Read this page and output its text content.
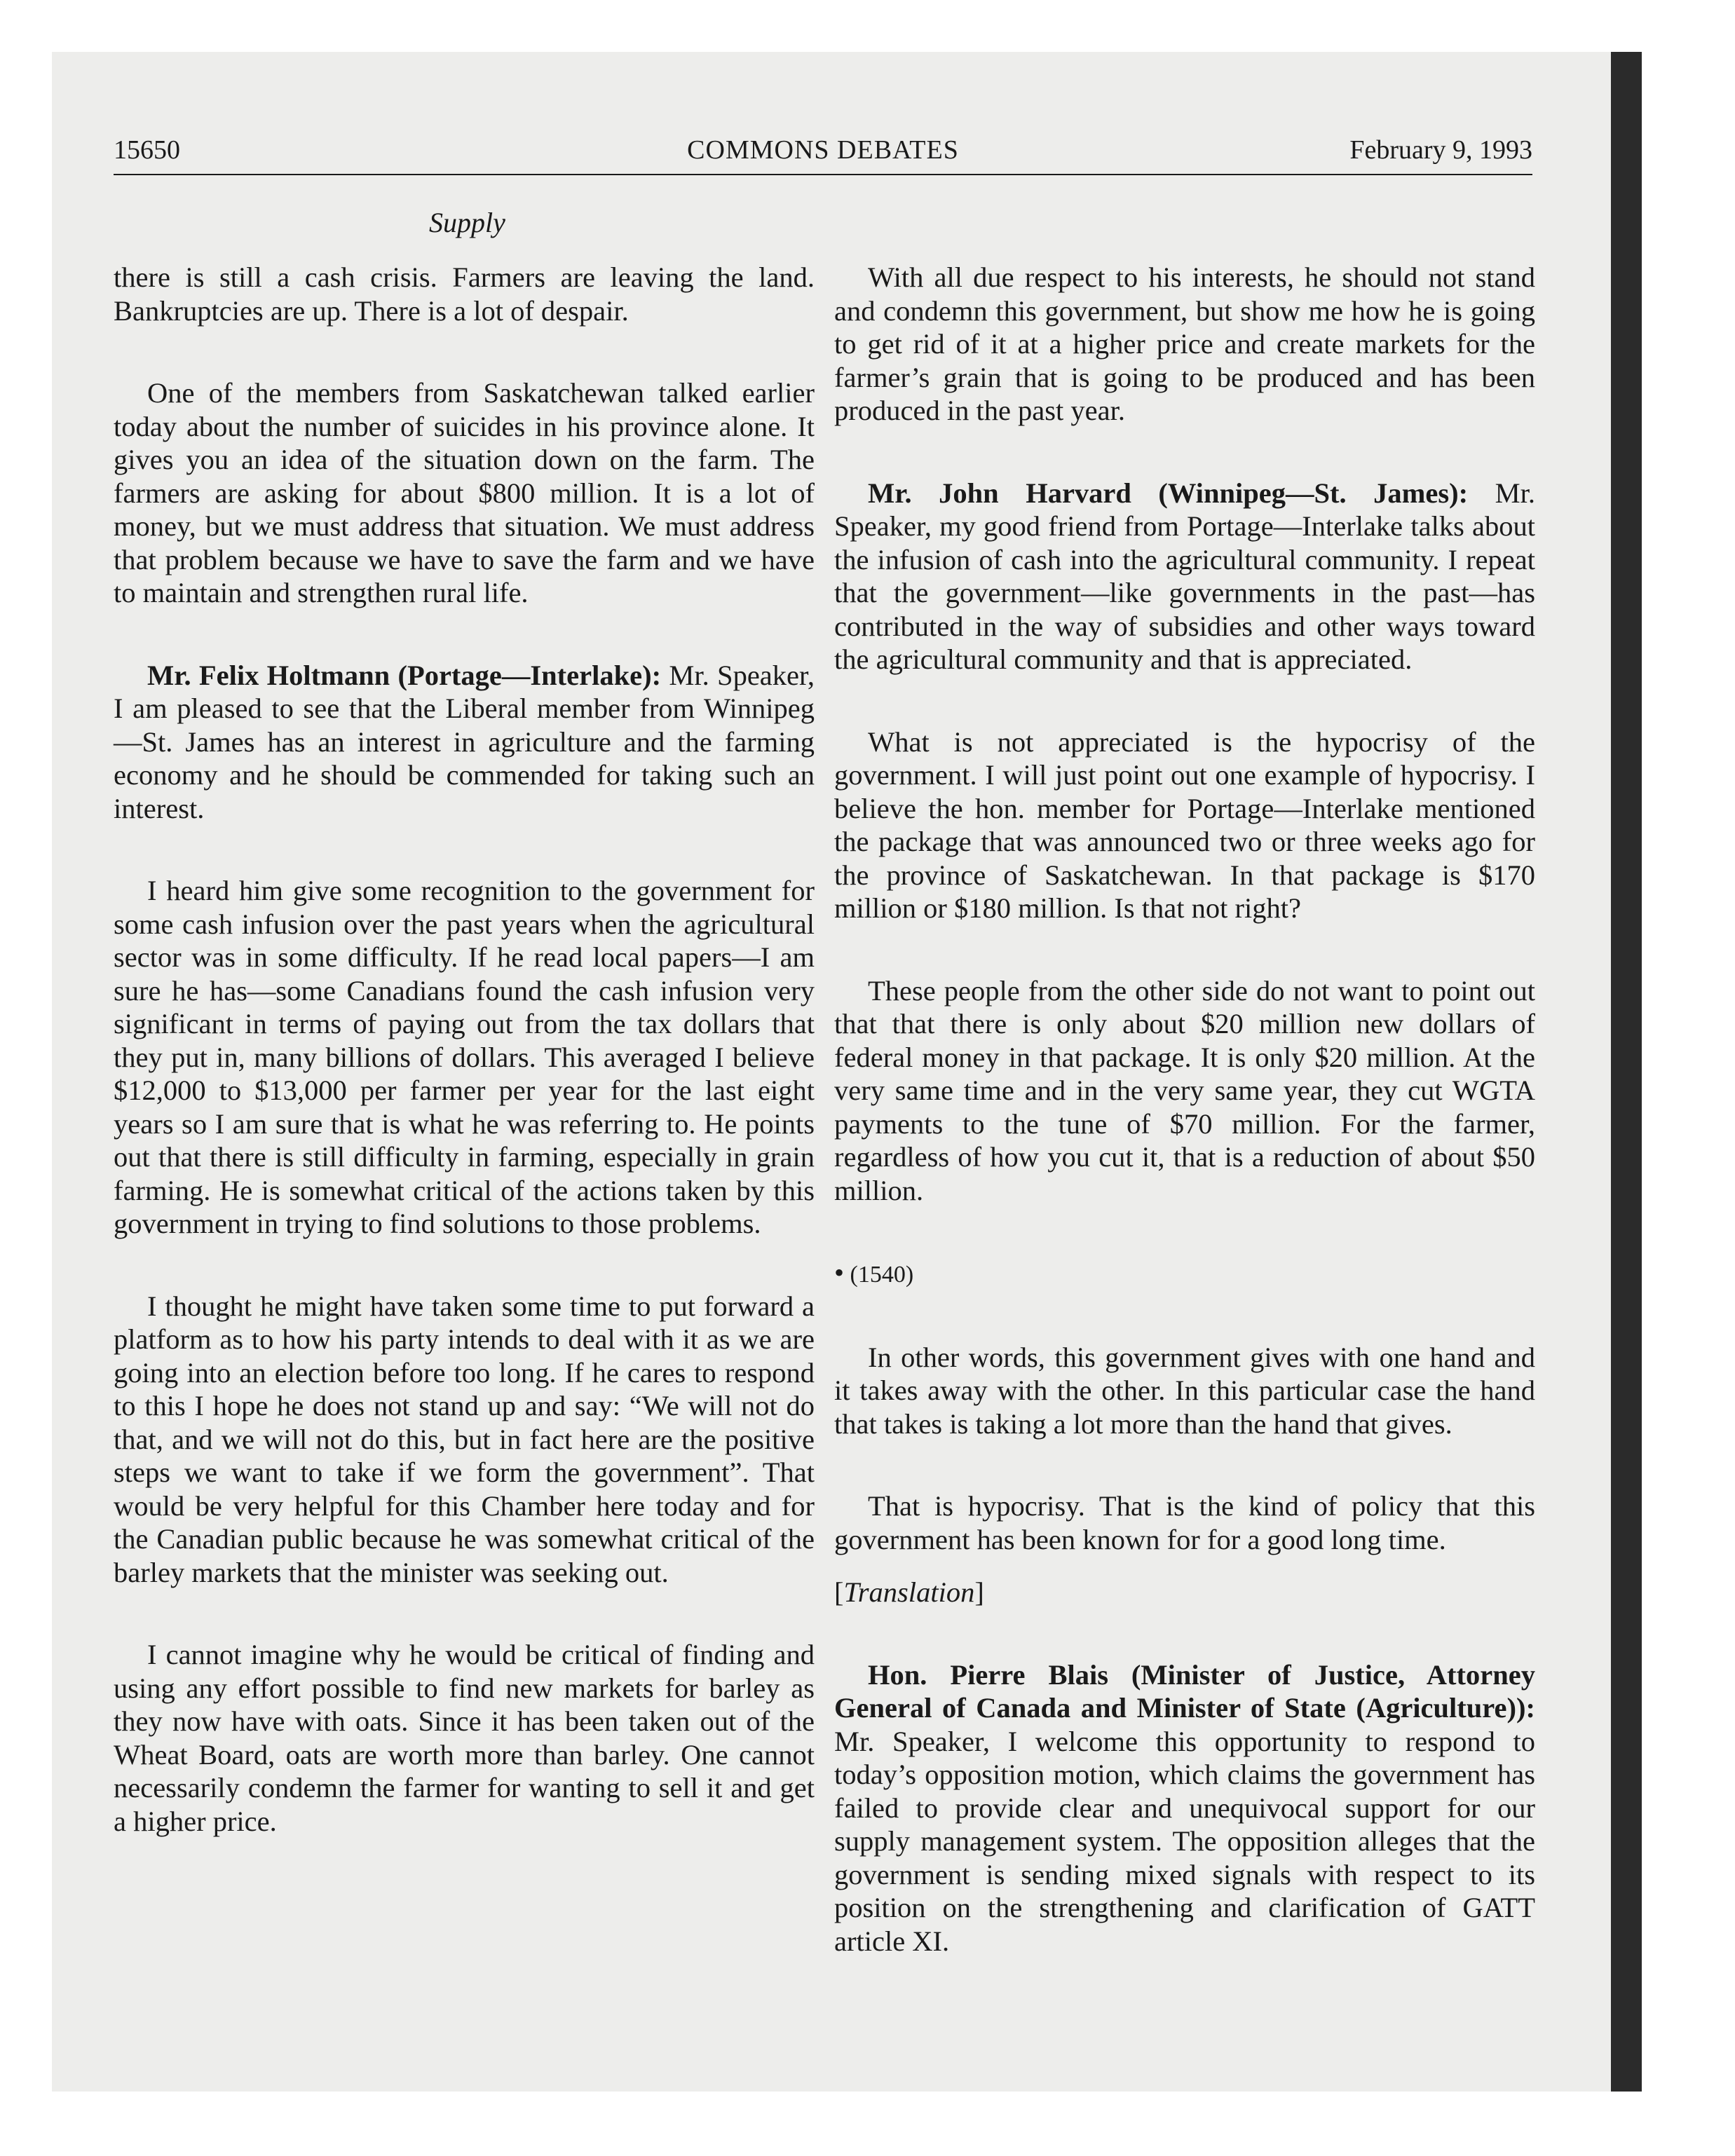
15650	COMMONS DEBATES	February 9, 1993
Supply

there is still a cash crisis. Farmers are leaving the land. Bankruptcies are up. There is a lot of despair.

One of the members from Saskatchewan talked earlier today about the number of suicides in his province alone. It gives you an idea of the situation down on the farm. The farmers are asking for about $800 million. It is a lot of money, but we must address that situation. We must address that problem because we have to save the farm and we have to maintain and strengthen rural life.

Mr. Felix Holtmann (Portage—Interlake): Mr. Speaker, I am pleased to see that the Liberal member from Winnipeg—St. James has an interest in agriculture and the farming economy and he should be commended for taking such an interest.

I heard him give some recognition to the government for some cash infusion over the past years when the agricultural sector was in some difficulty. If he read local papers—I am sure he has—some Canadians found the cash infusion very significant in terms of paying out from the tax dollars that they put in, many billions of dollars. This averaged I believe $12,000 to $13,000 per farmer per year for the last eight years so I am sure that is what he was referring to. He points out that there is still difficulty in farming, especially in grain farming. He is somewhat critical of the actions taken by this government in trying to find solutions to those problems.

I thought he might have taken some time to put forward a platform as to how his party intends to deal with it as we are going into an election before too long. If he cares to respond to this I hope he does not stand up and say: “We will not do that, and we will not do this, but in fact here are the positive steps we want to take if we form the government”. That would be very helpful for this Chamber here today and for the Canadian public because he was somewhat critical of the barley markets that the minister was seeking out.

I cannot imagine why he would be critical of finding and using any effort possible to find new markets for barley as they now have with oats. Since it has been taken out of the Wheat Board, oats are worth more than barley. One cannot necessarily condemn the farmer for wanting to sell it and get a higher price.

With all due respect to his interests, he should not stand and condemn this government, but show me how he is going to get rid of it at a higher price and create markets for the farmer’s grain that is going to be produced and has been produced in the past year.

Mr. John Harvard (Winnipeg—St. James): Mr. Speaker, my good friend from Portage—Interlake talks about the infusion of cash into the agricultural community. I repeat that the government—like governments in the past—has contributed in the way of subsidies and other ways toward the agricultural community and that is appreciated.

What is not appreciated is the hypocrisy of the government. I will just point out one example of hypocrisy. I believe the hon. member for Portage—Interlake mentioned the package that was announced two or three weeks ago for the province of Saskatchewan. In that package is $170 million or $180 million. Is that not right?

These people from the other side do not want to point out that that there is only about $20 million new dollars of federal money in that package. It is only $20 million. At the very same time and in the very same year, they cut WGTA payments to the tune of $70 million. For the farmer, regardless of how you cut it, that is a reduction of about $50 million.

• (1540)

In other words, this government gives with one hand and it takes away with the other. In this particular case the hand that takes is taking a lot more than the hand that gives.

That is hypocrisy. That is the kind of policy that this government has been known for for a good long time.

[Translation]

Hon. Pierre Blais (Minister of Justice, Attorney General of Canada and Minister of State (Agriculture)): Mr. Speaker, I welcome this opportunity to respond to today’s opposition motion, which claims the government has failed to provide clear and unequivocal support for our supply management system. The opposition alleges that the government is sending mixed signals with respect to its position on the strengthening and clarification of GATT article XI.
